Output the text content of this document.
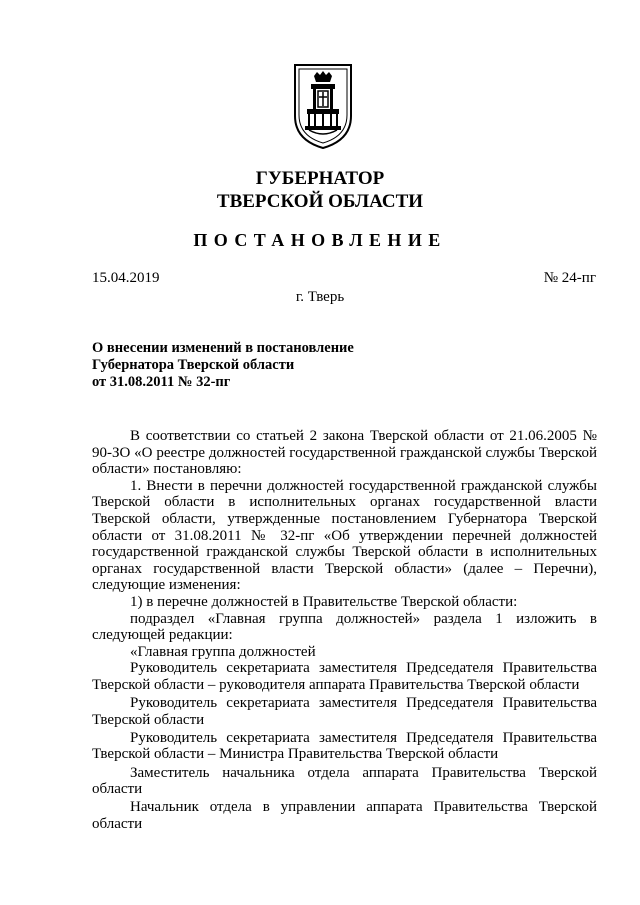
ГУБЕРНАТОР
ТВЕРСКОЙ ОБЛАСТИ
ПОСТАНОВЛЕНИЕ
15.04.2019	№ 24-пг
г. Тверь
О внесении изменений в постановление
Губернатора Тверской области
от 31.08.2011 № 32-пг

В соответствии со статьей 2 закона Тверской области от 21.06.2005 № 90-ЗО «О реестре должностей государственной гражданской службы Тверской области» постановляю:

1. Внести в перечни должностей государственной гражданской службы Тверской области в исполнительных органах государственной власти Тверской области, утвержденные постановлением Губернатора Тверской области от 31.08.2011 № 32-пг «Об утверждении перечней должностей государственной гражданской службы Тверской области в исполнительных органах государственной власти Тверской области» (далее – Перечни), следующие изменения:

1) в перечне должностей в Правительстве Тверской области:

подраздел «Главная группа должностей» раздела 1 изложить в следующей редакции:

«Главная группа должностей

Руководитель секретариата заместителя Председателя Правительства Тверской области – руководителя аппарата Правительства Тверской области

Руководитель секретариата заместителя Председателя Правительства Тверской области

Руководитель секретариата заместителя Председателя Правительства Тверской области – Министра Правительства Тверской области

Заместитель начальника отдела аппарата Правительства Тверской области

Начальник отдела в управлении аппарата Правительства Тверской области
